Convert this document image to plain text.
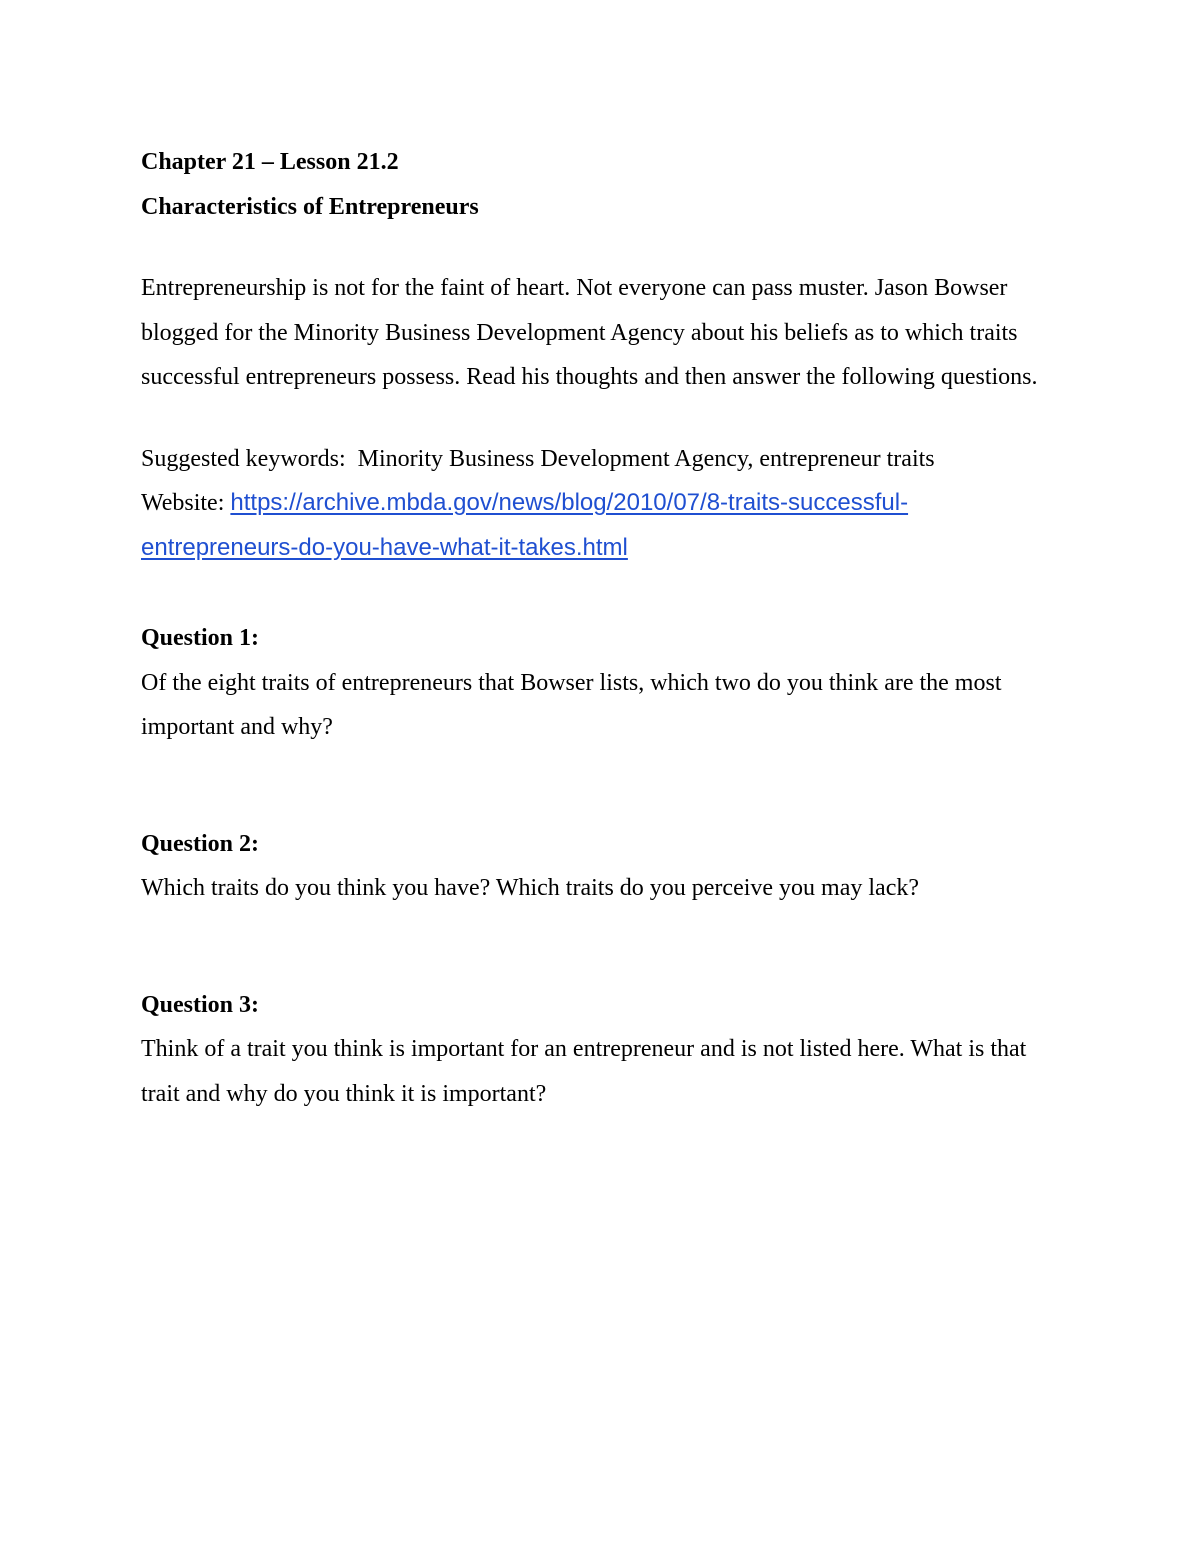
Chapter 21 – Lesson 21.2

Characteristics of Entrepreneurs

Entrepreneurship is not for the faint of heart. Not everyone can pass muster. Jason Bowser blogged for the Minority Business Development Agency about his beliefs as to which traits successful entrepreneurs possess. Read his thoughts and then answer the following questions.

Suggested keywords: Minority Business Development Agency, entrepreneur traits
Website: https://archive.mbda.gov/news/blog/2010/07/8-traits-successful-
entrepreneurs-do-you-have-what-it-takes.html
Question 1:
Of the eight traits of entrepreneurs that Bowser lists, which two do you think are the most important and why?
Question 2:
Which traits do you think you have? Which traits do you perceive you may lack?
Question 3:
Think of a trait you think is important for an entrepreneur and is not listed here. What is that trait and why do you think it is important?
